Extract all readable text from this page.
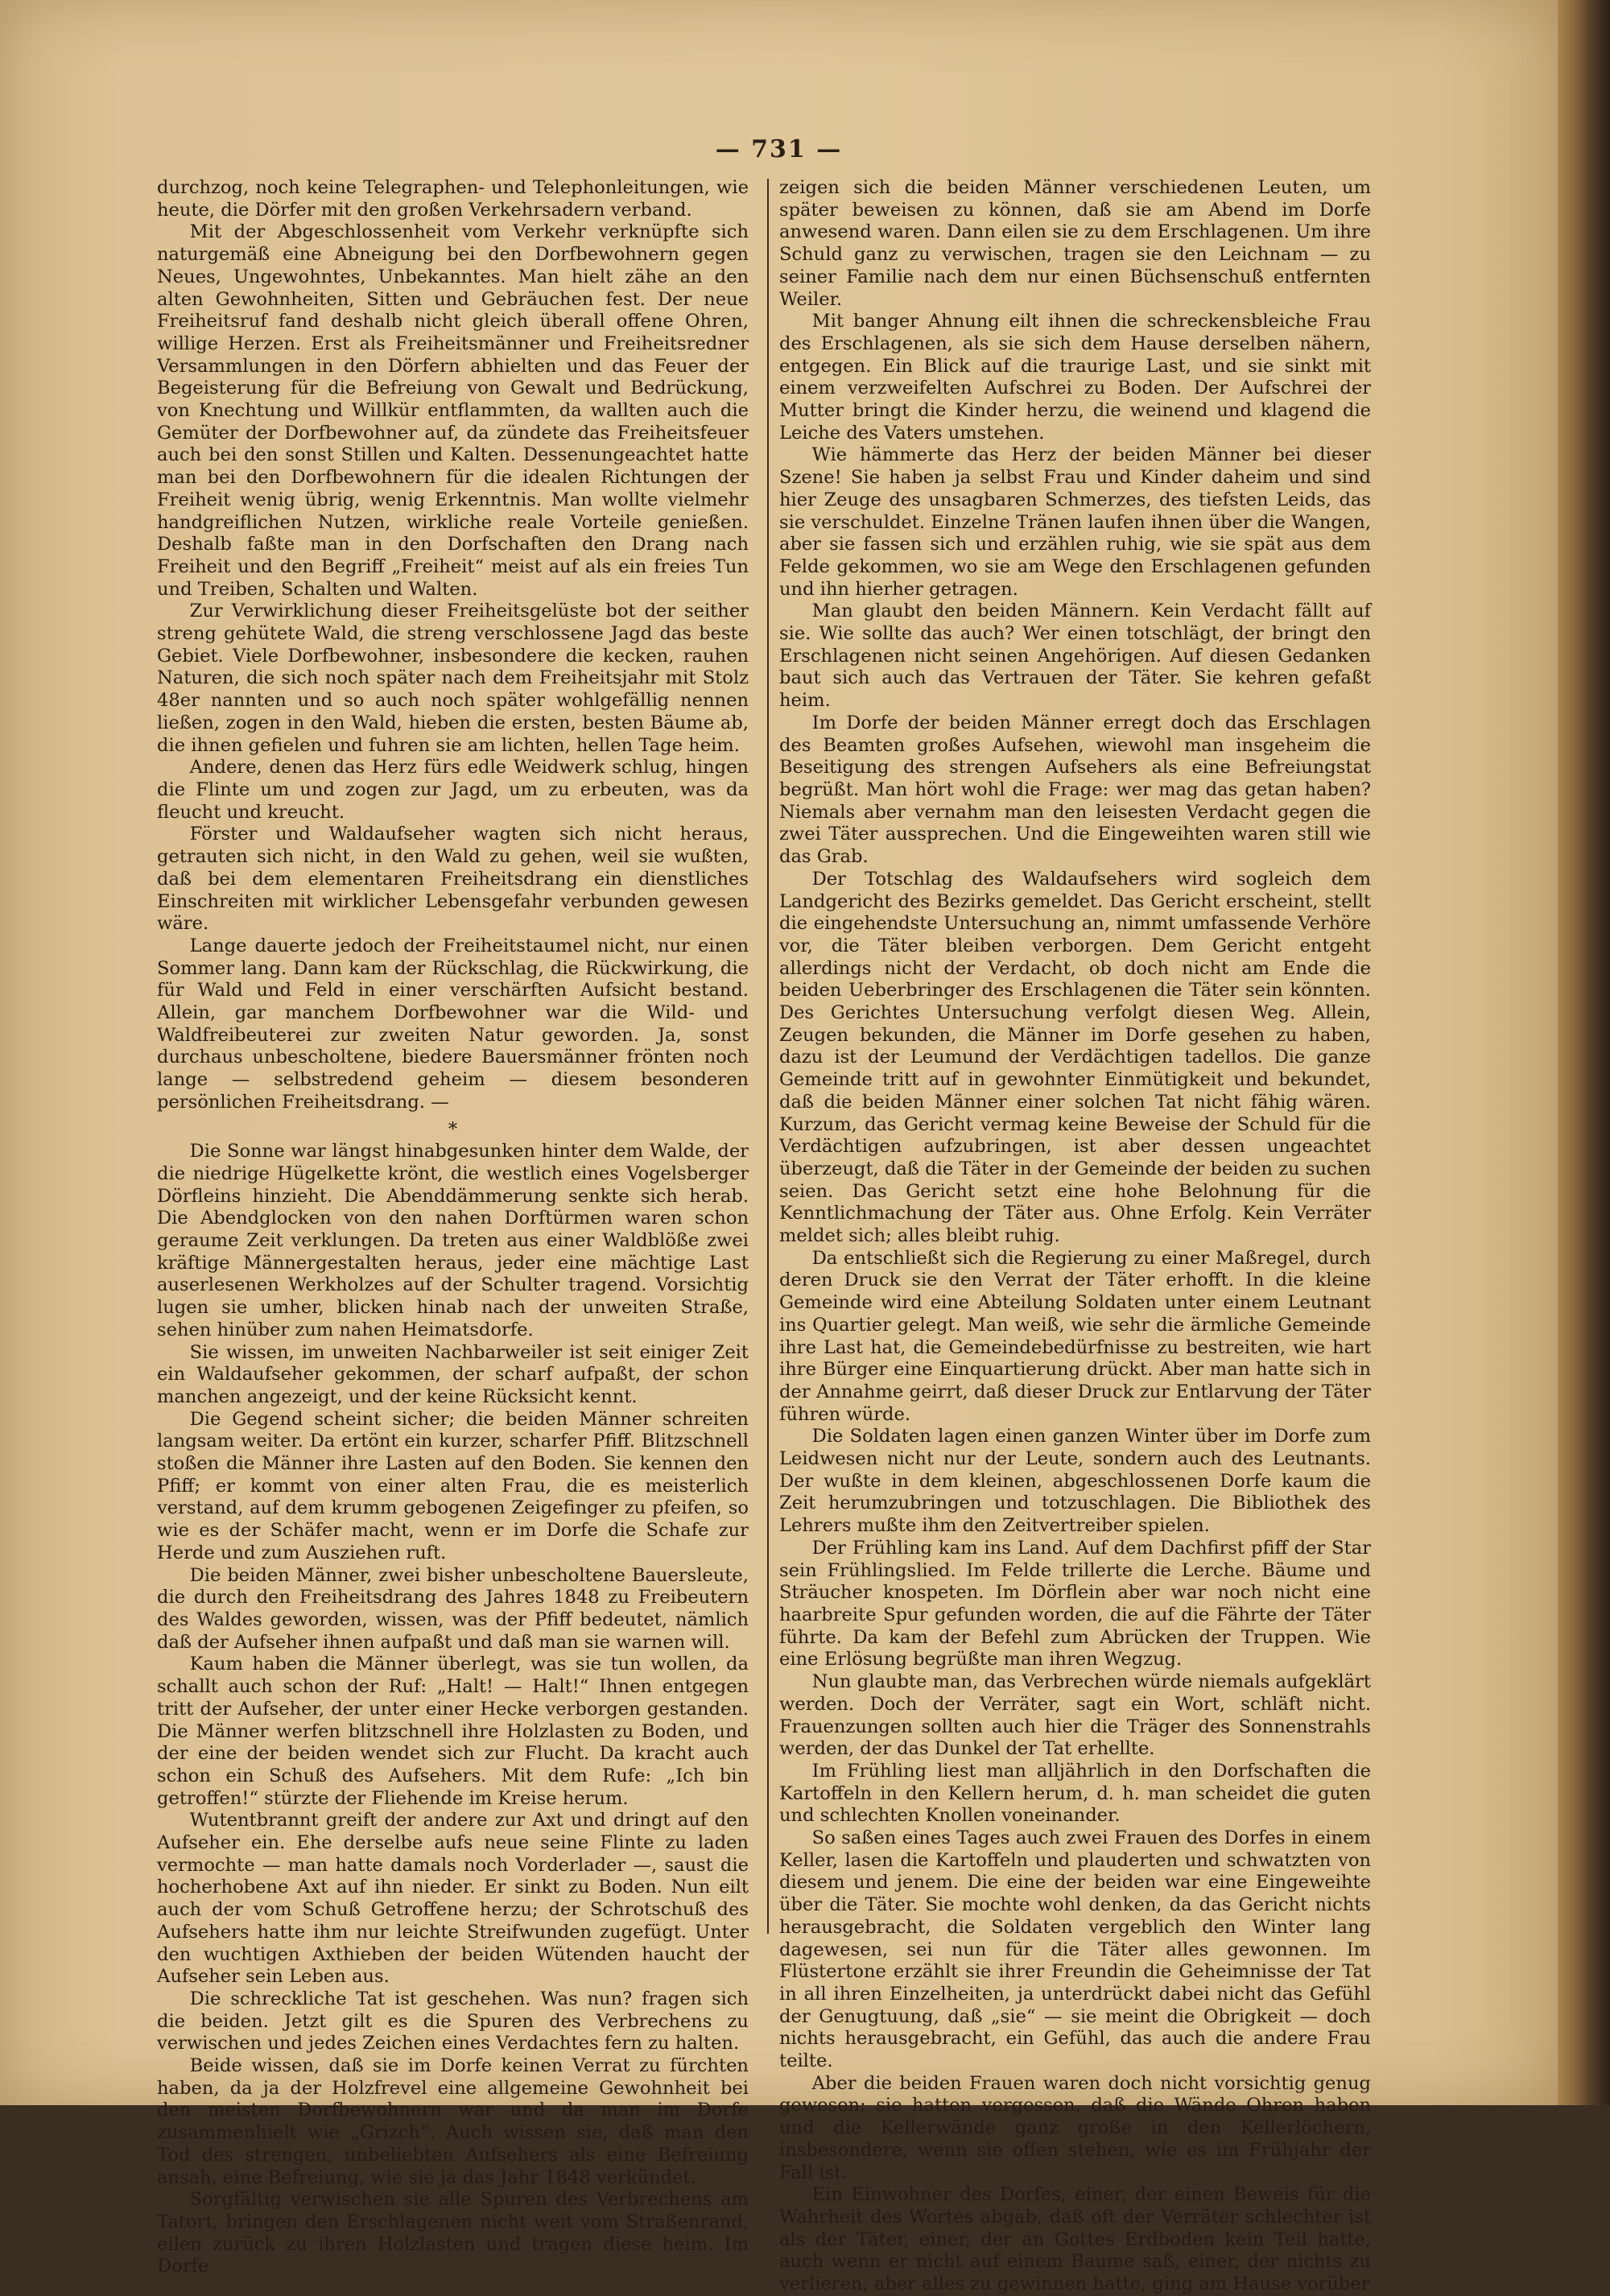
— 731 —

durchzog, noch keine Telegraphen- und Telephonleitungen, wie heute, die Dörfer mit den großen Verkehrsadern verband.

Mit der Abgeschlossenheit vom Verkehr verknüpfte sich naturgemäß eine Abneigung bei den Dorfbewohnern gegen Neues, Ungewohntes, Unbekanntes. Man hielt zähe an den alten Gewohnheiten, Sitten und Gebräuchen fest. Der neue Freiheitsruf fand deshalb nicht gleich überall offene Ohren, willige Herzen. Erst als Freiheitsmänner und Freiheitsredner Versammlungen in den Dörfern abhielten und das Feuer der Begeisterung für die Befreiung von Gewalt und Bedrückung, von Knechtung und Willkür entflammten, da wallten auch die Gemüter der Dorfbewohner auf, da zündete das Freiheitsfeuer auch bei den sonst Stillen und Kalten. Dessenungeachtet hatte man bei den Dorfbewohnern für die idealen Richtungen der Freiheit wenig übrig, wenig Erkenntnis. Man wollte vielmehr handgreiflichen Nutzen, wirkliche reale Vorteile genießen. Deshalb faßte man in den Dorfschaften den Drang nach Freiheit und den Begriff „Freiheit“ meist auf als ein freies Tun und Treiben, Schalten und Walten.

Zur Verwirklichung dieser Freiheitsgelüste bot der seither streng gehütete Wald, die streng verschlossene Jagd das beste Gebiet. Viele Dorfbewohner, insbesondere die kecken, rauhen Naturen, die sich noch später nach dem Freiheitsjahr mit Stolz 48er nannten und so auch noch später wohlgefällig nennen ließen, zogen in den Wald, hieben die ersten, besten Bäume ab, die ihnen gefielen und fuhren sie am lichten, hellen Tage heim.

Andere, denen das Herz fürs edle Weidwerk schlug, hingen die Flinte um und zogen zur Jagd, um zu erbeuten, was da fleucht und kreucht.

Förster und Waldaufseher wagten sich nicht heraus, getrauten sich nicht, in den Wald zu gehen, weil sie wußten, daß bei dem elementaren Freiheitsdrang ein dienstliches Einschreiten mit wirklicher Lebensgefahr verbunden gewesen wäre.

Lange dauerte jedoch der Freiheitstaumel nicht, nur einen Sommer lang. Dann kam der Rückschlag, die Rückwirkung, die für Wald und Feld in einer verschärften Aufsicht bestand. Allein, gar manchem Dorfbewohner war die Wild- und Waldfreibeuterei zur zweiten Natur geworden. Ja, sonst durchaus unbescholtene, biedere Bauersmänner frönten noch lange — selbstredend geheim — diesem besonderen persönlichen Freiheitsdrang. —

*

Die Sonne war längst hinabgesunken hinter dem Walde, der die niedrige Hügelkette krönt, die westlich eines Vogelsberger Dörfleins hinzieht. Die Abenddämmerung senkte sich herab. Die Abendglocken von den nahen Dorftürmen waren schon geraume Zeit verklungen. Da treten aus einer Waldblöße zwei kräftige Männergestalten heraus, jeder eine mächtige Last auserlesenen Werkholzes auf der Schulter tragend. Vorsichtig lugen sie umher, blicken hinab nach der unweiten Straße, sehen hinüber zum nahen Heimatsdorfe.

Sie wissen, im unweiten Nachbarweiler ist seit einiger Zeit ein Waldaufseher gekommen, der scharf aufpaßt, der schon manchen angezeigt, und der keine Rücksicht kennt.

Die Gegend scheint sicher; die beiden Männer schreiten langsam weiter. Da ertönt ein kurzer, scharfer Pfiff. Blitzschnell stoßen die Männer ihre Lasten auf den Boden. Sie kennen den Pfiff; er kommt von einer alten Frau, die es meisterlich verstand, auf dem krumm gebogenen Zeigefinger zu pfeifen, so wie es der Schäfer macht, wenn er im Dorfe die Schafe zur Herde und zum Ausziehen ruft.

Die beiden Männer, zwei bisher unbescholtene Bauersleute, die durch den Freiheitsdrang des Jahres 1848 zu Freibeutern des Waldes geworden, wissen, was der Pfiff bedeutet, nämlich daß der Aufseher ihnen aufpaßt und daß man sie warnen will.

Kaum haben die Männer überlegt, was sie tun wollen, da schallt auch schon der Ruf: „Halt! — Halt!“ Ihnen entgegen tritt der Aufseher, der unter einer Hecke verborgen gestanden. Die Männer werfen blitzschnell ihre Holzlasten zu Boden, und der eine der beiden wendet sich zur Flucht. Da kracht auch schon ein Schuß des Aufsehers. Mit dem Rufe: „Ich bin getroffen!“ stürzte der Fliehende im Kreise herum.

Wutentbrannt greift der andere zur Axt und dringt auf den Aufseher ein. Ehe derselbe aufs neue seine Flinte zu laden vermochte — man hatte damals noch Vorderlader —, saust die hocherhobene Axt auf ihn nieder. Er sinkt zu Boden. Nun eilt auch der vom Schuß Getroffene herzu; der Schrotschuß des Aufsehers hatte ihm nur leichte Streifwunden zugefügt. Unter den wuchtigen Axthieben der beiden Wütenden haucht der Aufseher sein Leben aus.

Die schreckliche Tat ist geschehen. Was nun? fragen sich die beiden. Jetzt gilt es die Spuren des Verbrechens zu verwischen und jedes Zeichen eines Verdachtes fern zu halten.

Beide wissen, daß sie im Dorfe keinen Verrat zu fürchten haben, da ja der Holzfrevel eine allgemeine Gewohnheit bei den meisten Dorfbewohnern war und da man im Dorfe zusammenhielt wie „Grizch“. Auch wissen sie, daß man den Tod des strengen, unbeliebten Aufsehers als eine Befreiung ansah, eine Befreiung, wie sie ja das Jahr 1848 verkündet.

Sorgfältig verwischen sie alle Spuren des Verbrechens am Tatort, bringen den Erschlagenen nicht weit vom Straßenrand, eilen zurück zu ihren Holzlasten und tragen diese heim. Im Dorfe

zeigen sich die beiden Männer verschiedenen Leuten, um später beweisen zu können, daß sie am Abend im Dorfe anwesend waren. Dann eilen sie zu dem Erschlagenen. Um ihre Schuld ganz zu verwischen, tragen sie den Leichnam — zu seiner Familie nach dem nur einen Büchsenschuß entfernten Weiler.

Mit banger Ahnung eilt ihnen die schreckensbleiche Frau des Erschlagenen, als sie sich dem Hause derselben nähern, entgegen. Ein Blick auf die traurige Last, und sie sinkt mit einem verzweifelten Aufschrei zu Boden. Der Aufschrei der Mutter bringt die Kinder herzu, die weinend und klagend die Leiche des Vaters umstehen.

Wie hämmerte das Herz der beiden Männer bei dieser Szene! Sie haben ja selbst Frau und Kinder daheim und sind hier Zeuge des unsagbaren Schmerzes, des tiefsten Leids, das sie verschuldet. Einzelne Tränen laufen ihnen über die Wangen, aber sie fassen sich und erzählen ruhig, wie sie spät aus dem Felde gekommen, wo sie am Wege den Erschlagenen gefunden und ihn hierher getragen.

Man glaubt den beiden Männern. Kein Verdacht fällt auf sie. Wie sollte das auch? Wer einen totschlägt, der bringt den Erschlagenen nicht seinen Angehörigen. Auf diesen Gedanken baut sich auch das Vertrauen der Täter. Sie kehren gefaßt heim.

Im Dorfe der beiden Männer erregt doch das Erschlagen des Beamten großes Aufsehen, wiewohl man insgeheim die Beseitigung des strengen Aufsehers als eine Befreiungstat begrüßt. Man hört wohl die Frage: wer mag das getan haben? Niemals aber vernahm man den leisesten Verdacht gegen die zwei Täter aussprechen. Und die Eingeweihten waren still wie das Grab.

Der Totschlag des Waldaufsehers wird sogleich dem Landgericht des Bezirks gemeldet. Das Gericht erscheint, stellt die eingehendste Untersuchung an, nimmt umfassende Verhöre vor, die Täter bleiben verborgen. Dem Gericht entgeht allerdings nicht der Verdacht, ob doch nicht am Ende die beiden Ueberbringer des Erschlagenen die Täter sein könnten. Des Gerichtes Untersuchung verfolgt diesen Weg. Allein, Zeugen bekunden, die Männer im Dorfe gesehen zu haben, dazu ist der Leumund der Verdächtigen tadellos. Die ganze Gemeinde tritt auf in gewohnter Einmütigkeit und bekundet, daß die beiden Männer einer solchen Tat nicht fähig wären. Kurzum, das Gericht vermag keine Beweise der Schuld für die Verdächtigen aufzubringen, ist aber dessen ungeachtet überzeugt, daß die Täter in der Gemeinde der beiden zu suchen seien. Das Gericht setzt eine hohe Belohnung für die Kenntlichmachung der Täter aus. Ohne Erfolg. Kein Verräter meldet sich; alles bleibt ruhig.

Da entschließt sich die Regierung zu einer Maßregel, durch deren Druck sie den Verrat der Täter erhofft. In die kleine Gemeinde wird eine Abteilung Soldaten unter einem Leutnant ins Quartier gelegt. Man weiß, wie sehr die ärmliche Gemeinde ihre Last hat, die Gemeindebedürfnisse zu bestreiten, wie hart ihre Bürger eine Einquartierung drückt. Aber man hatte sich in der Annahme geirrt, daß dieser Druck zur Entlarvung der Täter führen würde.

Die Soldaten lagen einen ganzen Winter über im Dorfe zum Leidwesen nicht nur der Leute, sondern auch des Leutnants. Der wußte in dem kleinen, abgeschlossenen Dorfe kaum die Zeit herumzubringen und totzuschlagen. Die Bibliothek des Lehrers mußte ihm den Zeitvertreiber spielen.

Der Frühling kam ins Land. Auf dem Dachfirst pfiff der Star sein Frühlingslied. Im Felde trillerte die Lerche. Bäume und Sträucher knospeten. Im Dörflein aber war noch nicht eine haarbreite Spur gefunden worden, die auf die Fährte der Täter führte. Da kam der Befehl zum Abrücken der Truppen. Wie eine Erlösung begrüßte man ihren Wegzug.

Nun glaubte man, das Verbrechen würde niemals aufgeklärt werden. Doch der Verräter, sagt ein Wort, schläft nicht. Frauenzungen sollten auch hier die Träger des Sonnenstrahls werden, der das Dunkel der Tat erhellte.

Im Frühling liest man alljährlich in den Dorfschaften die Kartoffeln in den Kellern herum, d. h. man scheidet die guten und schlechten Knollen voneinander.

So saßen eines Tages auch zwei Frauen des Dorfes in einem Keller, lasen die Kartoffeln und plauderten und schwatzten von diesem und jenem. Die eine der beiden war eine Eingeweihte über die Täter. Sie mochte wohl denken, da das Gericht nichts herausgebracht, die Soldaten vergeblich den Winter lang dagewesen, sei nun für die Täter alles gewonnen. Im Flüstertone erzählt sie ihrer Freundin die Geheimnisse der Tat in all ihren Einzelheiten, ja unterdrückt dabei nicht das Gefühl der Genugtuung, daß „sie“ — sie meint die Obrigkeit — doch nichts herausgebracht, ein Gefühl, das auch die andere Frau teilte.

Aber die beiden Frauen waren doch nicht vorsichtig genug gewesen; sie hatten vergessen, daß die Wände Ohren haben und die Kellerwände ganz große in den Kellerlöchern, insbesondere, wenn sie offen stehen, wie es im Frühjahr der Fall ist.

Ein Einwohner des Dorfes, einer, der einen Beweis für die Wahrheit des Wortes abgab, daß oft der Verräter schlechter ist als der Täter, einer, der an Gottes Erdboden kein Teil hatte, auch wenn er nicht auf einem Baume saß, einer, der nichts zu verlieren, aber alles zu gewinnen hatte, ging am Hause vorüber
